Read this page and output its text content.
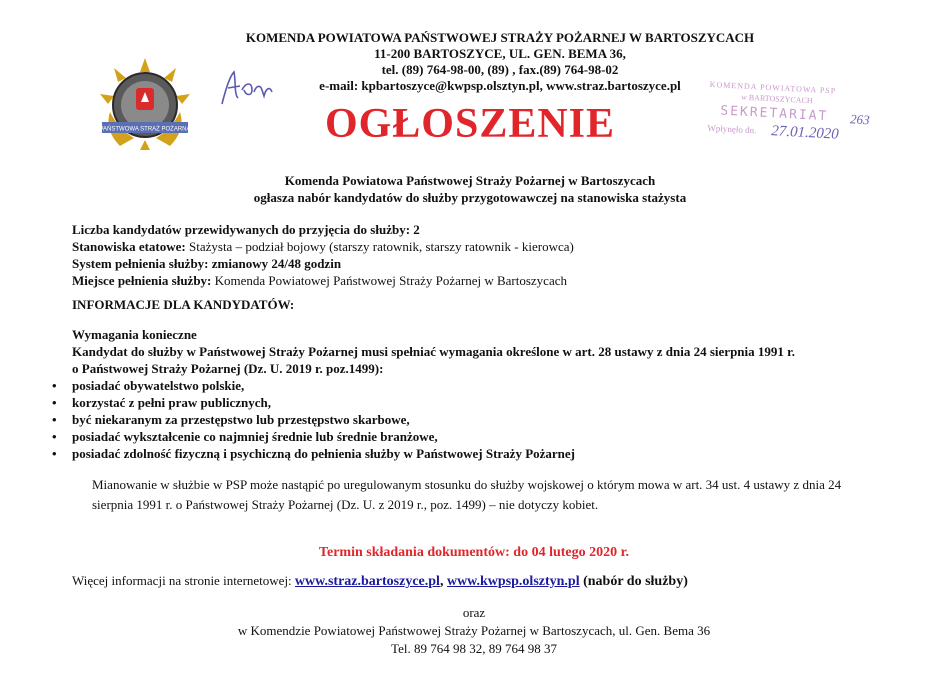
PAŃSTWOWA STRAŻ POŻARNA
KOMENDA POWIATOWA PAŃSTWOWEJ STRAŻY POŻARNEJ W BARTOSZYCACH
11-200 BARTOSZYCE, UL. GEN. BEMA 36,
tel. (89) 764-98-00, (89) , fax.(89) 764-98-02
e-mail: kpbartoszyce@kwpsp.olsztyn.pl, www.straz.bartoszyce.pl	KOMENDA POWIATOWA PSP
w BARTOSZYCACH
SEKRETARIAT
Wpłynęło dn. 27.01.2020
263
OGŁOSZENIE
Komenda Powiatowa Państwowej Straży Pożarnej w Bartoszycach
ogłasza nabór kandydatów do służby przygotowawczej na stanowiska stażysta
Liczba kandydatów przewidywanych do przyjęcia do służby: 2
Stanowiska etatowe: Stażysta – podział bojowy (starszy ratownik, starszy ratownik - kierowca)
System pełnienia służby: zmianowy 24/48 godzin
Miejsce pełnienia służby: Komenda Powiatowej Państwowej Straży Pożarnej w Bartoszycach
INFORMACJE DLA KANDYDATÓW:

Wymagania konieczne

Kandydat do służby w Państwowej Straży Pożarnej musi spełniać wymagania określone w art. 28 ustawy z dnia 24 sierpnia 1991 r.

o Państwowej Straży Pożarnej (Dz. U. 2019 r. poz.1499):

• posiadać obywatelstwo polskie,
• korzystać z pełni praw publicznych,
• być niekaranym za przestępstwo lub przestępstwo skarbowe,
• posiadać wykształcenie co najmniej średnie lub średnie branżowe,
• posiadać zdolność fizyczną i psychiczną do pełnienia służby w Państwowej Straży Pożarnej
Mianowanie w służbie w PSP może nastąpić po uregulowanym stosunku do służby wojskowej o którym mowa w art. 34 ust. 4 ustawy z dnia 24 sierpnia 1991 r. o Państwowej Straży Pożarnej (Dz. U. z 2019 r., poz. 1499) – nie dotyczy kobiet.
Termin składania dokumentów: do 04 lutego 2020 r.
Więcej informacji na stronie internetowej: www.straz.bartoszyce.pl, www.kwpsp.olsztyn.pl (nabór do służby)
oraz
w Komendzie Powiatowej Państwowej Straży Pożarnej w Bartoszycach, ul. Gen. Bema 36
Tel. 89 764 98 32, 89 764 98 37
